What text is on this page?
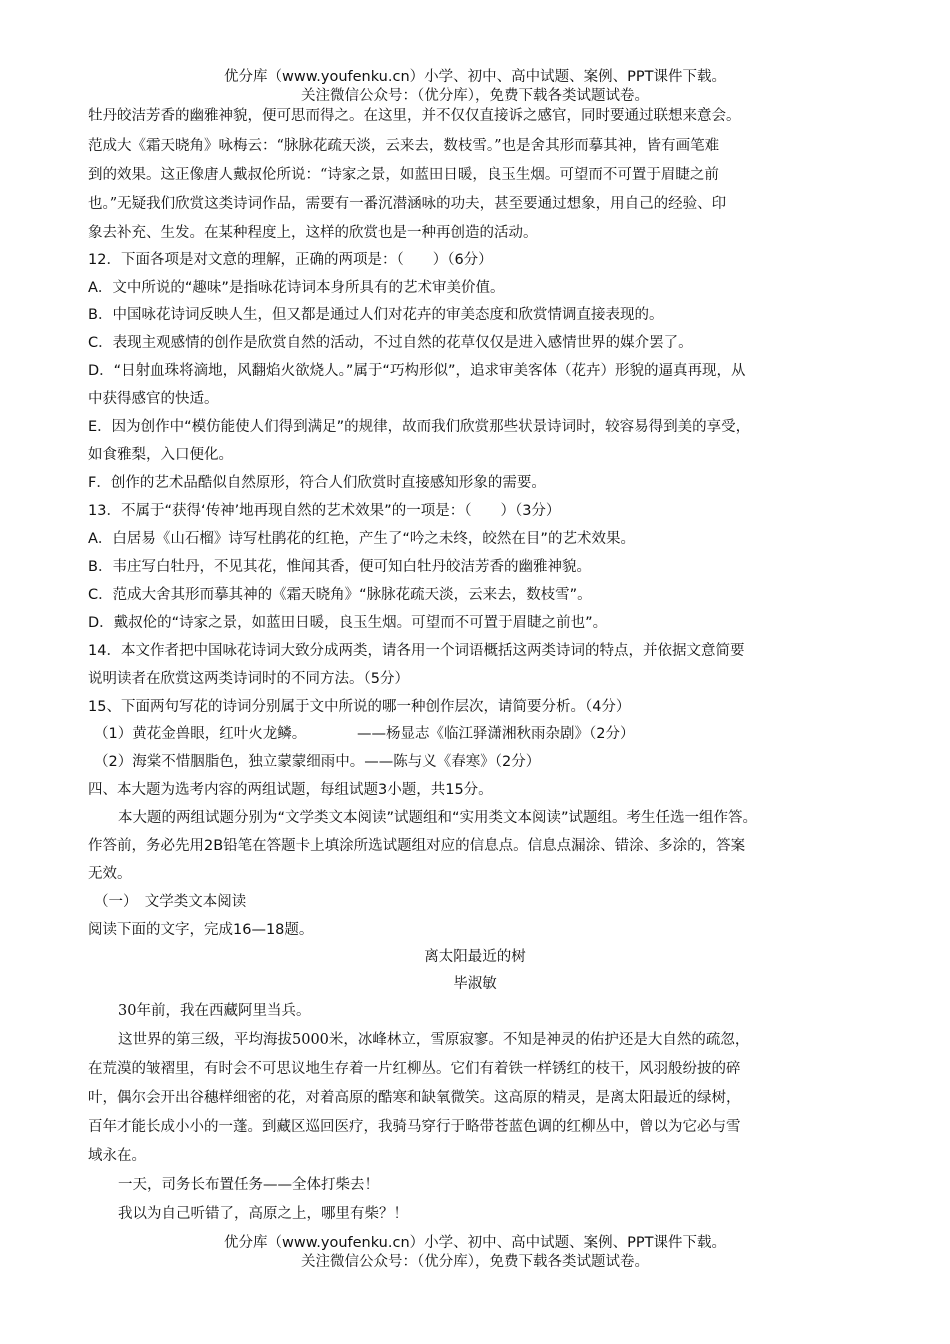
优分库（www.youfenku.cn）小学、初中、高中试题、案例、PPT课件下载。
关注微信公众号：（优分库），免费下载各类试题试卷。
牡丹皎洁芳香的幽雅神貌，便可思而得之。在这里，并不仅仅直接诉之感官，同时要通过联想来意会。
范成大《霜天晓角》咏梅云：“脉脉花疏天淡，云来去，数枝雪。”也是舍其形而摹其神，皆有画笔难
到的效果。这正像唐人戴叔伦所说：“诗家之景，如蓝田日暖，良玉生烟。可望而不可置于眉睫之前
也。”无疑我们欣赏这类诗词作品，需要有一番沉潜涵咏的功夫，甚至要通过想象，用自己的经验、印
象去补充、生发。在某种程度上，这样的欣赏也是一种再创造的活动。
12．下面各项是对文意的理解，正确的两项是：（　　）（6分）
A．文中所说的“趣味”是指咏花诗词本身所具有的艺术审美价值。
B．中国咏花诗词反映人生，但又都是通过人们对花卉的审美态度和欣赏情调直接表现的。
C．表现主观感情的创作是欣赏自然的活动，不过自然的花草仅仅是进入感情世界的媒介罢了。
D．“日射血珠将滴地，风翻焰火欲烧人。”属于“巧构形似”，追求审美客体（花卉）形貌的逼真再现，从
中获得感官的快适。
E．因为创作中“模仿能使人们得到满足”的规律，故而我们欣赏那些状景诗词时，较容易得到美的享受，
如食雅梨，入口便化。
F．创作的艺术品酷似自然原形，符合人们欣赏时直接感知形象的需要。
13．不属于“获得‘传神’地再现自然的艺术效果”的一项是：（　　）（3分）
A．白居易《山石榴》诗写杜鹃花的红艳，产生了“吟之未终，皎然在目”的艺术效果。
B．韦庄写白牡丹，不见其花，惟闻其香，便可知白牡丹皎洁芳香的幽雅神貌。
C．范成大舍其形而摹其神的《霜天晓角》“脉脉花疏天淡，云来去，数枝雪”。
D．戴叔伦的“诗家之景，如蓝田日暖，良玉生烟。可望而不可置于眉睫之前也”。
14．本文作者把中国咏花诗词大致分成两类，请各用一个词语概括这两类诗词的特点，并依据文意简要
说明读者在欣赏这两类诗词时的不同方法。（5分）
15、下面两句写花的诗词分别属于文中所说的哪一种创作层次，请简要分析。（4分）
（1）黄花金兽眼，红叶火龙鳞。　　　　——杨显志《临江驿潇湘秋雨杂剧》（2分）
（2）海棠不惜胭脂色，独立蒙蒙细雨中。——陈与义《春寒》（2分）
四、本大题为选考内容的两组试题，每组试题3小题，共15分。
本大题的两组试题分别为“文学类文本阅读”试题组和“实用类文本阅读”试题组。考生任选一组作答。
作答前，务必先用2B铅笔在答题卡上填涂所选试题组对应的信息点。信息点漏涂、错涂、多涂的，答案
无效。
（一）　文学类文本阅读
阅读下面的文字，完成16—18题。
离太阳最近的树
毕淑敏
30年前，我在西藏阿里当兵。
这世界的第三级，平均海拔5000米，冰峰林立，雪原寂寥。不知是神灵的佑护还是大自然的疏忽，
在荒漠的皱褶里，有时会不可思议地生存着一片红柳丛。它们有着铁一样锈红的枝干，风羽般纷披的碎
叶，偶尔会开出谷穗样细密的花，对着高原的酷寒和缺氧微笑。这高原的精灵，是离太阳最近的绿树，
百年才能长成小小的一蓬。到藏区巡回医疗，我骑马穿行于略带苍蓝色调的红柳丛中，曾以为它必与雪
域永在。
一天，司务长布置任务——全体打柴去！
我以为自己听错了，高原之上，哪里有柴？！
优分库（www.youfenku.cn）小学、初中、高中试题、案例、PPT课件下载。
关注微信公众号：（优分库），免费下载各类试题试卷。
